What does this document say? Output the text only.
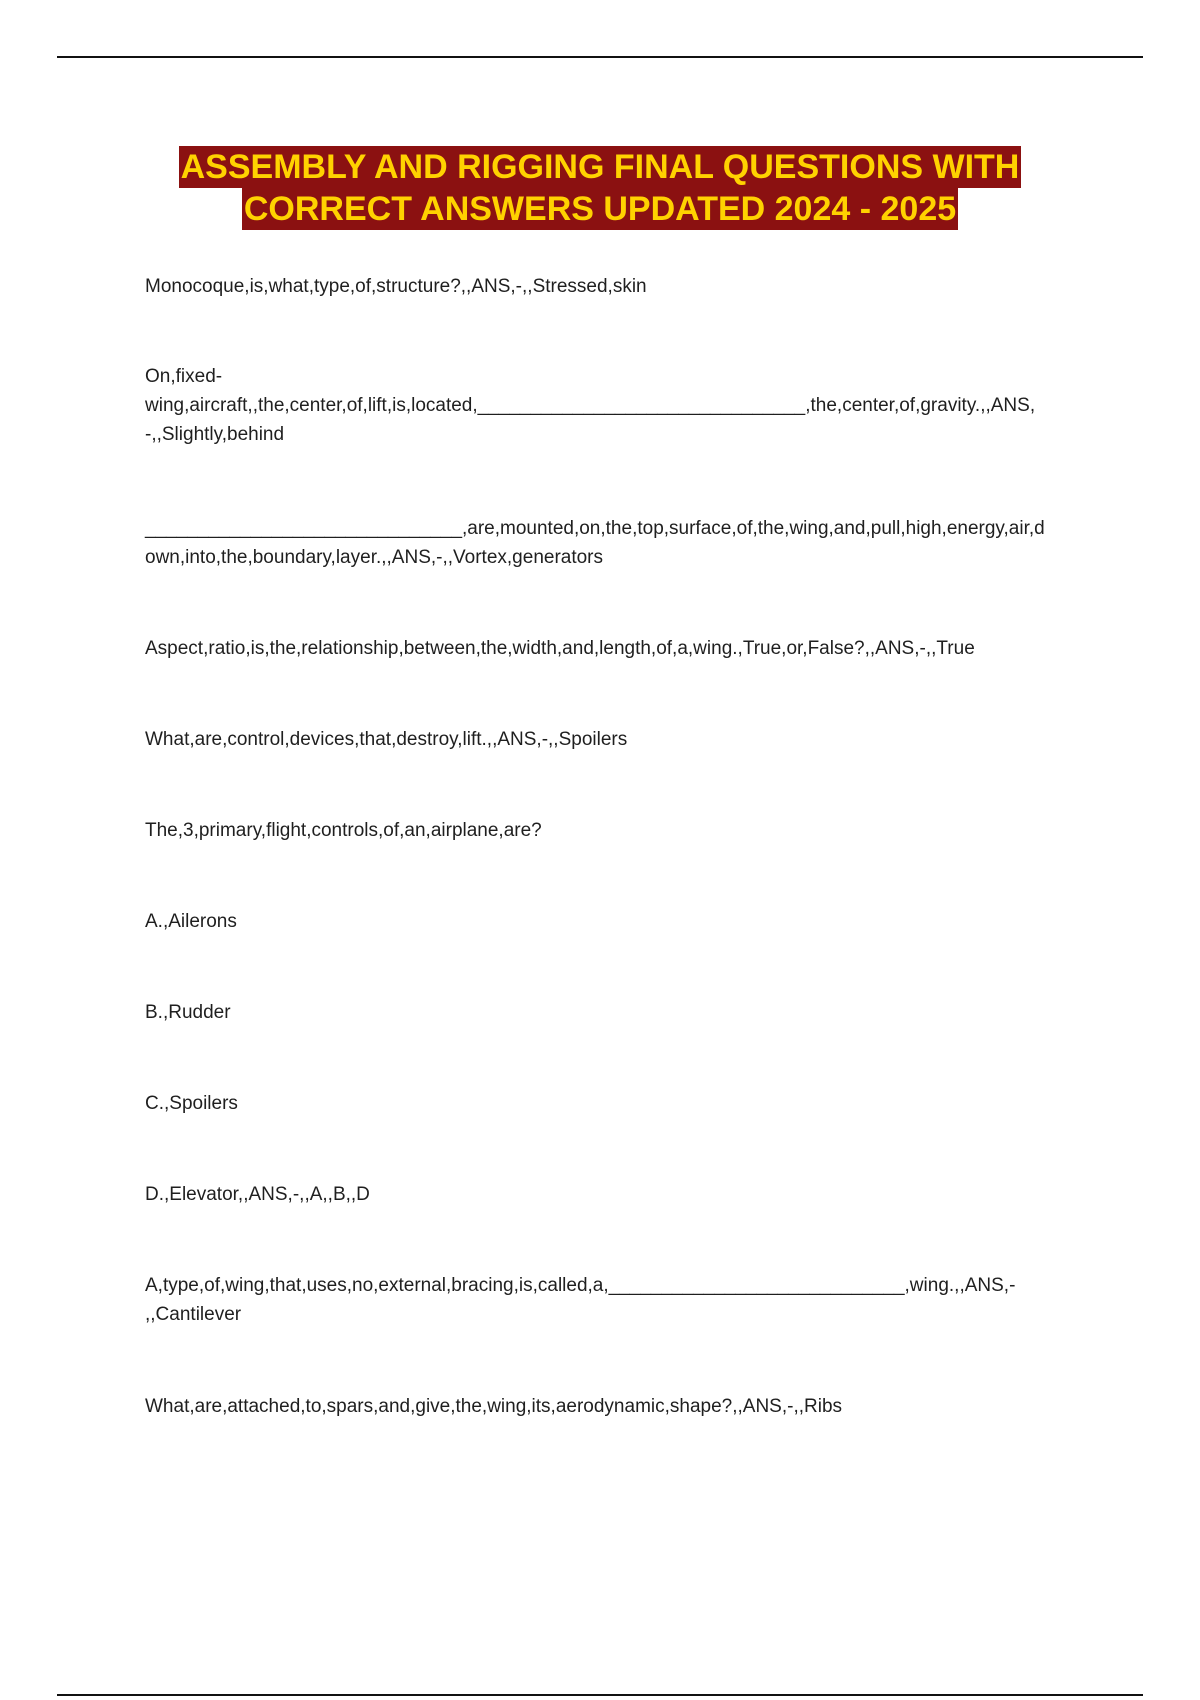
ASSEMBLY AND RIGGING FINAL QUESTIONS WITH
CORRECT ANSWERS UPDATED 2024 - 2025

Monocoque,is,what,type,of,structure?,,ANS,-,,Stressed,skin

On,fixed-
wing,aircraft,,the,center,of,lift,is,located,_______________________________,the,center,of,gravity.,,ANS,
-,,Slightly,behind

______________________________,are,mounted,on,the,top,surface,of,the,wing,and,pull,high,energy,air,d
own,into,the,boundary,layer.,,ANS,-,,Vortex,generators

Aspect,ratio,is,the,relationship,between,the,width,and,length,of,a,wing.,True,or,False?,,ANS,-,,True

What,are,control,devices,that,destroy,lift.,,ANS,-,,Spoilers

The,3,primary,flight,controls,of,an,airplane,are?

A.,Ailerons

B.,Rudder

C.,Spoilers

D.,Elevator,,ANS,-,,A,,B,,D

A,type,of,wing,that,uses,no,external,bracing,is,called,a,____________________________,wing.,,ANS,-
,,Cantilever

What,are,attached,to,spars,and,give,the,wing,its,aerodynamic,shape?,,ANS,-,,Ribs
